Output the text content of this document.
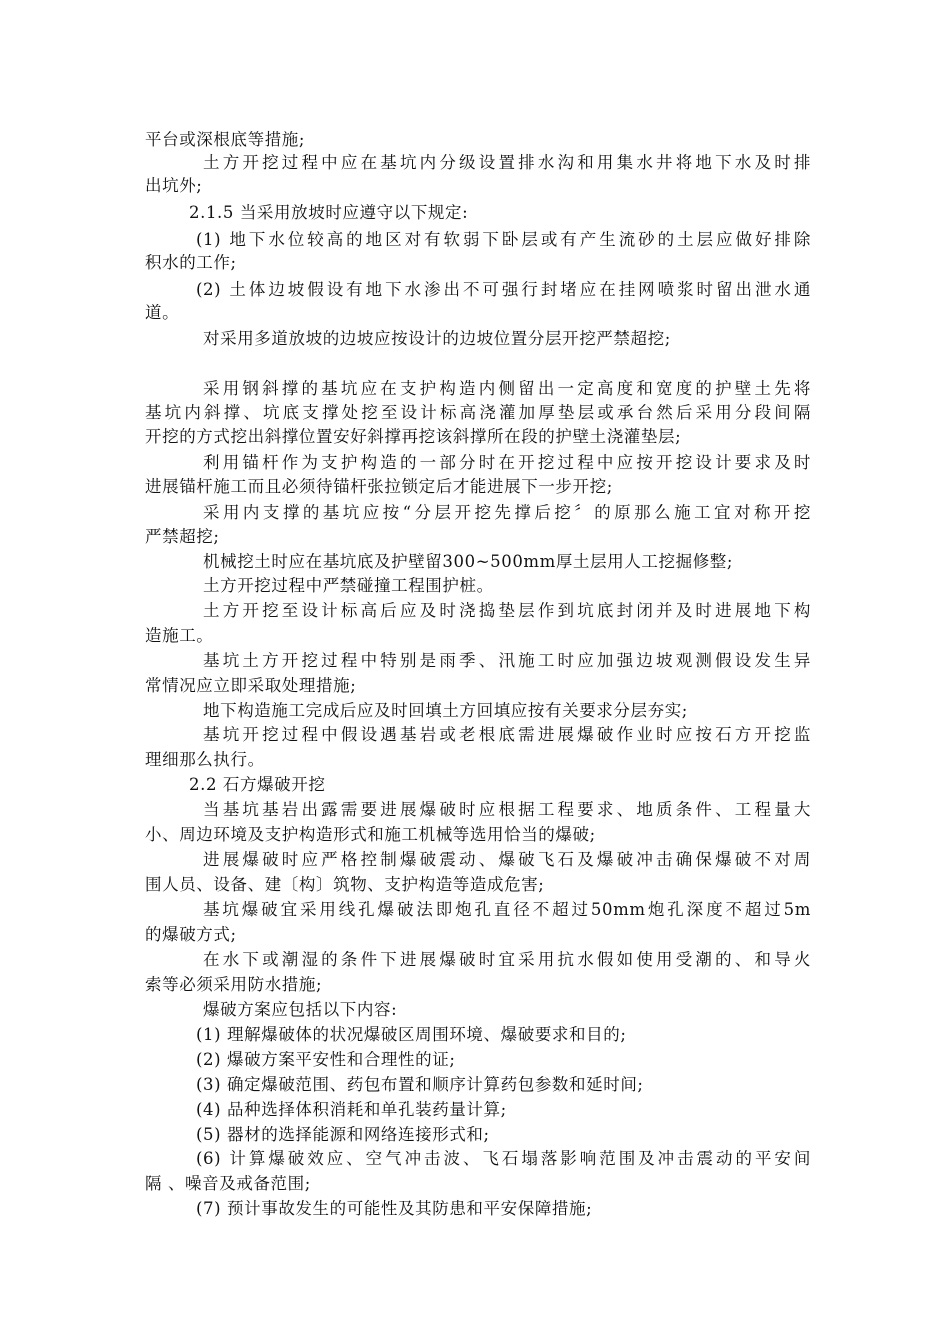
平台或深根底等措施;
土方开挖过程中应在基坑内分级设置排水沟和用集水井将地下水及时排
出坑外;
2.1.5 当采用放坡时应遵守以下规定:
(1) 地下水位较高的地区对有软弱下卧层或有产生流砂的土层应做好排除
积水的工作;
(2) 土体边坡假设有地下水渗出不可强行封堵应在挂网喷浆时留出泄水通
道。
对采用多道放坡的边坡应按设计的边坡位置分层开挖严禁超挖;
采用钢斜撑的基坑应在支护构造内侧留出一定高度和宽度的护壁土先将
基坑内斜撑、坑底支撑处挖至设计标高浇灌加厚垫层或承台然后采用分段间隔
开挖的方式挖出斜撑位置安好斜撑再挖该斜撑所在段的护壁土浇灌垫层;
利用锚杆作为支护构造的一部分时在开挖过程中应按开挖设计要求及时
进展锚杆施工而且必须待锚杆张拉锁定后才能进展下一步开挖;
采用内支撑的基坑应按“分层开挖先撑后挖〞的原那么施工宜对称开挖
严禁超挖;
机械挖土时应在基坑底及护壁留300~500mm厚土层用人工挖掘修整;
土方开挖过程中严禁碰撞工程围护桩。
土方开挖至设计标高后应及时浇捣垫层作到坑底封闭并及时进展地下构
造施工。
基坑土方开挖过程中特别是雨季、汛施工时应加强边坡观测假设发生异
常情况应立即采取处理措施;
地下构造施工完成后应及时回填土方回填应按有关要求分层夯实;
基坑开挖过程中假设遇基岩或老根底需进展爆破作业时应按石方开挖监
理细那么执行。
2.2 石方爆破开挖
当基坑基岩出露需要进展爆破时应根据工程要求、地质条件、工程量大
小、周边环境及支护构造形式和施工机械等选用恰当的爆破;
进展爆破时应严格控制爆破震动、爆破飞石及爆破冲击确保爆破不对周
围人员、设备、建〔构〕筑物、支护构造等造成危害;
基坑爆破宜采用线孔爆破法即炮孔直径不超过50mm炮孔深度不超过5m
的爆破方式;
在水下或潮湿的条件下进展爆破时宜采用抗水假如使用受潮的、和导火
索等必须采用防水措施;
爆破方案应包括以下内容:
(1) 理解爆破体的状况爆破区周围环境、爆破要求和目的;
(2) 爆破方案平安性和合理性的证;
(3) 确定爆破范围、药包布置和顺序计算药包参数和延时间;
(4) 品种选择体积消耗和单孔装药量计算;
(5) 器材的选择能源和网络连接形式和;
(6) 计算爆破效应、空气冲击波、飞石塌落影响范围及冲击震动的平安间
隔 、噪音及戒备范围;
(7) 预计事故发生的可能性及其防患和平安保障措施;
